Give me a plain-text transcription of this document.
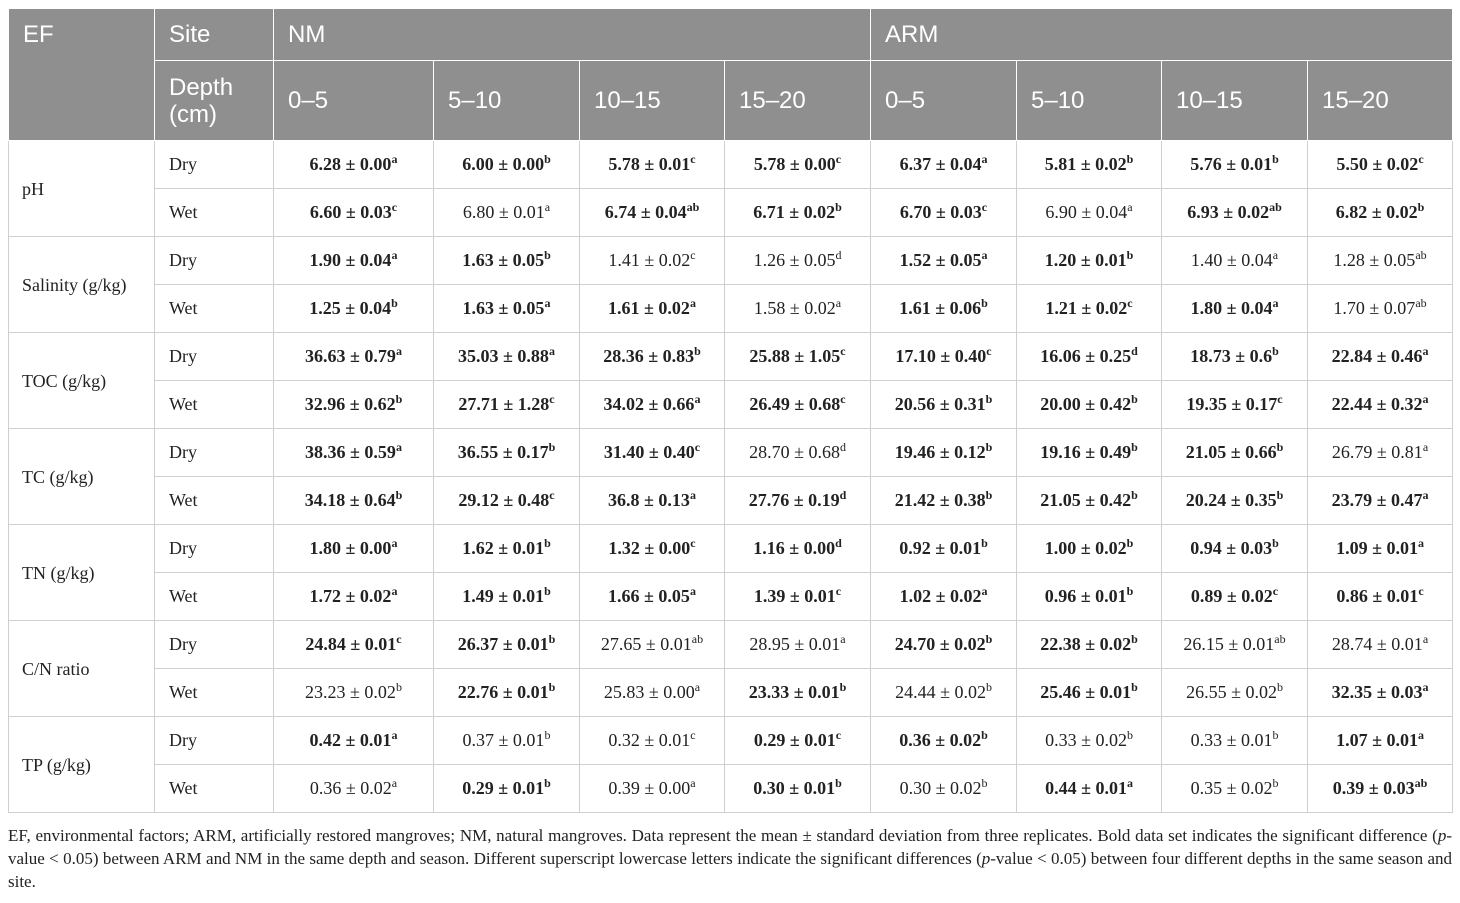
EF	Site	NM				ARM			
	Depth (cm)	0–5	5–10	10–15	15–20	0–5	5–10	10–15	15–20
pH	Dry	6.28 ± 0.00$^a$	6.00 ± 0.00$^b$	5.78 ± 0.01$^c$	5.78 ± 0.00$^c$	6.37 ± 0.04$^a$	5.81 ± 0.02$^b$	5.76 ± 0.01$^b$	5.50 ± 0.02$^c$
	Wet	6.60 ± 0.03$^c$	6.80 ± 0.01$^a$	6.74 ± 0.04$^{ab}$	6.71 ± 0.02$^b$	6.70 ± 0.03$^c$	6.90 ± 0.04$^a$	6.93 ± 0.02$^{ab}$	6.82 ± 0.02$^b$
Salinity (g/kg)	Dry	1.90 ± 0.04$^a$	1.63 ± 0.05$^b$	1.41 ± 0.02$^c$	1.26 ± 0.05$^d$	1.52 ± 0.05$^a$	1.20 ± 0.01$^b$	1.40 ± 0.04$^a$	1.28 ± 0.05$^{ab}$
	Wet	1.25 ± 0.04$^b$	1.63 ± 0.05$^a$	1.61 ± 0.02$^a$	1.58 ± 0.02$^a$	1.61 ± 0.06$^b$	1.21 ± 0.02$^c$	1.80 ± 0.04$^a$	1.70 ± 0.07$^{ab}$
TOC (g/kg)	Dry	36.63 ± 0.79$^a$	35.03 ± 0.88$^a$	28.36 ± 0.83$^b$	25.88 ± 1.05$^c$	17.10 ± 0.40$^c$	16.06 ± 0.25$^d$	18.73 ± 0.6$^b$	22.84 ± 0.46$^a$
	Wet	32.96 ± 0.62$^b$	27.71 ± 1.28$^c$	34.02 ± 0.66$^a$	26.49 ± 0.68$^c$	20.56 ± 0.31$^b$	20.00 ± 0.42$^b$	19.35 ± 0.17$^c$	22.44 ± 0.32$^a$
TC (g/kg)	Dry	38.36 ± 0.59$^a$	36.55 ± 0.17$^b$	31.40 ± 0.40$^c$	28.70 ± 0.68$^d$	19.46 ± 0.12$^b$	19.16 ± 0.49$^b$	21.05 ± 0.66$^b$	26.79 ± 0.81$^a$
	Wet	34.18 ± 0.64$^b$	29.12 ± 0.48$^c$	36.8 ± 0.13$^a$	27.76 ± 0.19$^d$	21.42 ± 0.38$^b$	21.05 ± 0.42$^b$	20.24 ± 0.35$^b$	23.79 ± 0.47$^a$
TN (g/kg)	Dry	1.80 ± 0.00$^a$	1.62 ± 0.01$^b$	1.32 ± 0.00$^c$	1.16 ± 0.00$^d$	0.92 ± 0.01$^b$	1.00 ± 0.02$^b$	0.94 ± 0.03$^b$	1.09 ± 0.01$^a$
	Wet	1.72 ± 0.02$^a$	1.49 ± 0.01$^b$	1.66 ± 0.05$^a$	1.39 ± 0.01$^c$	1.02 ± 0.02$^a$	0.96 ± 0.01$^b$	0.89 ± 0.02$^c$	0.86 ± 0.01$^c$
C/N ratio	Dry	24.84 ± 0.01$^c$	26.37 ± 0.01$^b$	27.65 ± 0.01$^{ab}$	28.95 ± 0.01$^a$	24.70 ± 0.02$^b$	22.38 ± 0.02$^b$	26.15 ± 0.01$^{ab}$	28.74 ± 0.01$^a$
	Wet	23.23 ± 0.02$^b$	22.76 ± 0.01$^b$	25.83 ± 0.00$^a$	23.33 ± 0.01$^b$	24.44 ± 0.02$^b$	25.46 ± 0.01$^b$	26.55 ± 0.02$^b$	32.35 ± 0.03$^a$
TP (g/kg)	Dry	0.42 ± 0.01$^a$	0.37 ± 0.01$^b$	0.32 ± 0.01$^c$	0.29 ± 0.01$^c$	0.36 ± 0.02$^b$	0.33 ± 0.02$^b$	0.33 ± 0.01$^b$	1.07 ± 0.01$^a$
	Wet	0.36 ± 0.02$^a$	0.29 ± 0.01$^b$	0.39 ± 0.00$^a$	0.30 ± 0.01$^b$	0.30 ± 0.02$^b$	0.44 ± 0.01$^a$	0.35 ± 0.02$^b$	0.39 ± 0.03$^{ab}$
EF, environmental factors; ARM, artificially restored mangroves; NM, natural mangroves. Data represent the mean ± standard deviation from three replicates. Bold data set indicates the significant difference (p-value < 0.05) between ARM and NM in the same depth and season. Different superscript lowercase letters indicate the significant differences (p-value < 0.05) between four different depths in the same season and site.
